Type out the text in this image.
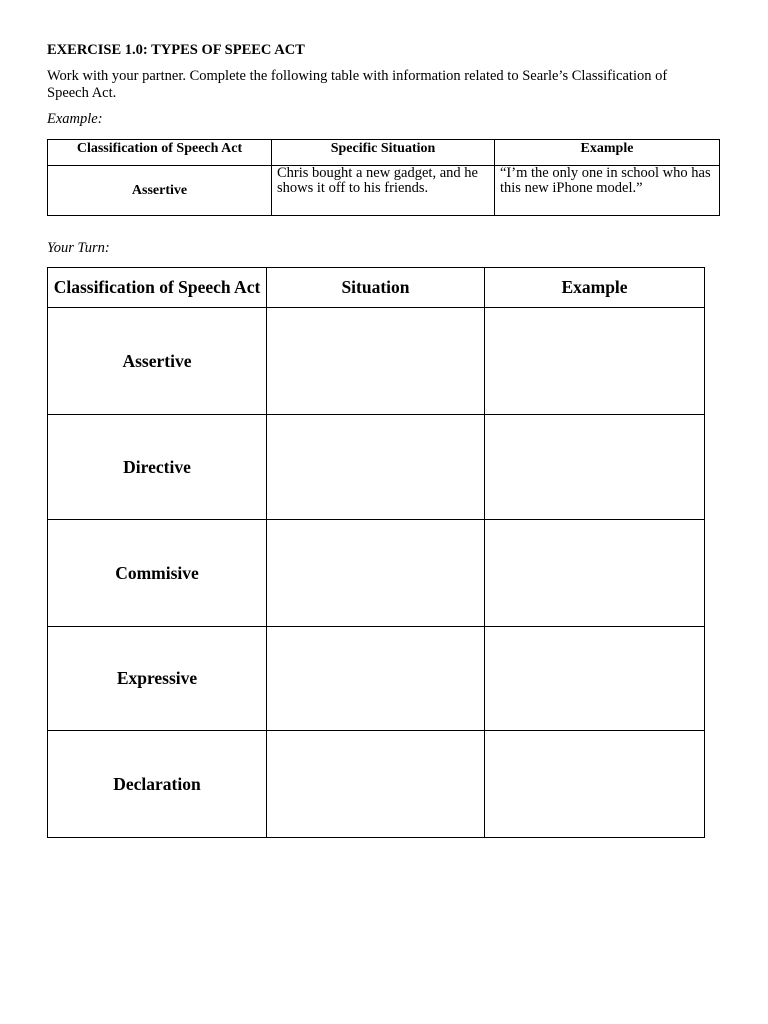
EXERCISE 1.0: TYPES OF SPEEC ACT
Work with your partner. Complete the following table with information related to Searle’s Classification of Speech Act.
Example:
Classification of Speech Act	Specific Situation	Example
Assertive	Chris bought a new gadget, and he shows it off to his friends.	“I’m the only one in school who has this new iPhone model.”
Your Turn:
Classification of Speech Act	Situation	Example
Assertive		
Directive		
Commisive		
Expressive		
Declaration		
